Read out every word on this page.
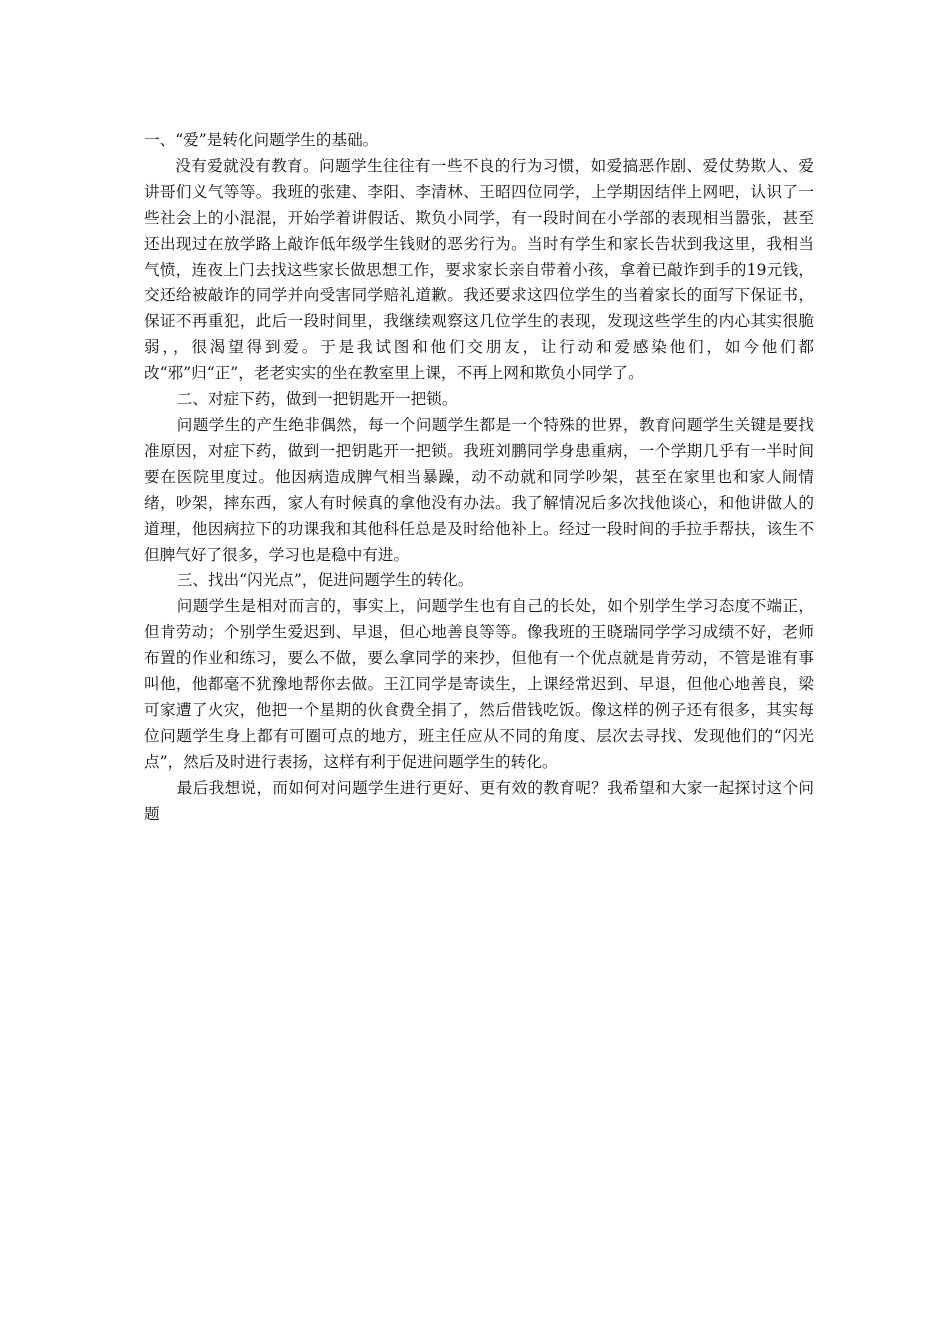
一、“爱”是转化问题学生的基础。

没有爱就没有教育。问题学生往往有一些不良的行为习惯，如爱搞恶作剧、爱仗势欺人、爱讲哥们义气等等。我班的张建、李阳、李清林、王昭四位同学，上学期因结伴上网吧，认识了一些社会上的小混混，开始学着讲假话、欺负小同学，有一段时间在小学部的表现相当嚣张，甚至还出现过在放学路上敲诈低年级学生钱财的恶劣行为。当时有学生和家长告状到我这里，我相当气愤，连夜上门去找这些家长做思想工作，要求家长亲自带着小孩，拿着已敲诈到手的19元钱，交还给被敲诈的同学并向受害同学赔礼道歉。我还要求这四位学生的当着家长的面写下保证书，保证不再重犯，此后一段时间里，我继续观察这几位学生的表现，发现这些学生的内心其实很脆弱，，很渴望得到爱。于是我试图和他们交朋友，让行动和爱感染他们，如今他们都改“邪”归“正”，老老实实的坐在教室里上课，不再上网和欺负小同学了。

二、对症下药，做到一把钥匙开一把锁。

问题学生的产生绝非偶然，每一个问题学生都是一个特殊的世界，教育问题学生关键是要找准原因，对症下药，做到一把钥匙开一把锁。我班刘鹏同学身患重病，一个学期几乎有一半时间要在医院里度过。他因病造成脾气相当暴躁，动不动就和同学吵架，甚至在家里也和家人闹情绪，吵架，摔东西，家人有时候真的拿他没有办法。我了解情况后多次找他谈心，和他讲做人的道理，他因病拉下的功课我和其他科任总是及时给他补上。经过一段时间的手拉手帮扶，该生不但脾气好了很多，学习也是稳中有进。

三、找出“闪光点”，促进问题学生的转化。

问题学生是相对而言的，事实上，问题学生也有自己的长处，如个别学生学习态度不端正，但肯劳动；个别学生爱迟到、早退，但心地善良等等。像我班的王晓瑞同学学习成绩不好，老师布置的作业和练习，要么不做，要么拿同学的来抄，但他有一个优点就是肯劳动，不管是谁有事叫他，他都毫不犹豫地帮你去做。王江同学是寄读生，上课经常迟到、早退，但他心地善良，梁可家遭了火灾，他把一个星期的伙食费全捐了，然后借钱吃饭。像这样的例子还有很多，其实每位问题学生身上都有可圈可点的地方，班主任应从不同的角度、层次去寻找、发现他们的“闪光点”，然后及时进行表扬，这样有利于促进问题学生的转化。

最后我想说，而如何对问题学生进行更好、更有效的教育呢？我希望和大家一起探讨这个问题
